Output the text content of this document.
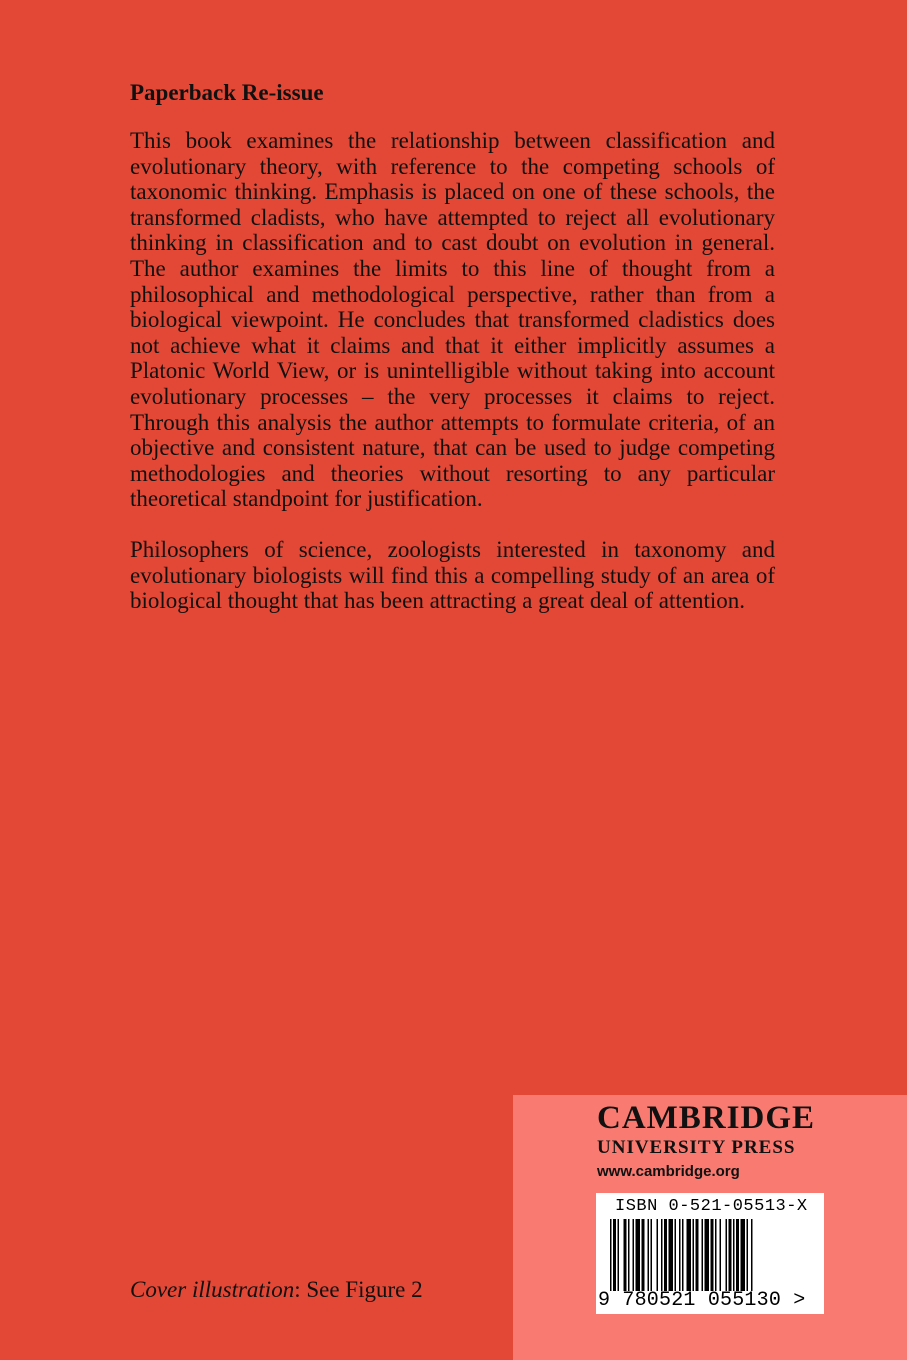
Paperback Re-issue

This book examines the relationship between classification and evolutionary theory, with reference to the competing schools of taxonomic thinking. Emphasis is placed on one of these schools, the transformed cladists, who have attempted to reject all evolutionary thinking in classification and to cast doubt on evolution in general. The author examines the limits to this line of thought from a philosophical and methodological perspective, rather than from a biological viewpoint. He concludes that transformed cladistics does not achieve what it claims and that it either implicitly assumes a Platonic World View, or is unintelligible without taking into account evolutionary processes – the very processes it claims to reject. Through this analysis the author attempts to formulate criteria, of an objective and consistent nature, that can be used to judge competing methodologies and theories without resorting to any particular theoretical standpoint for justification.

Philosophers of science, zoologists interested in taxonomy and evolutionary biologists will find this a compelling study of an area of biological thought that has been attracting a great deal of attention.

Cover illustration: See Figure 2
CAMBRIDGE
UNIVERSITY PRESS
www.cambridge.org
ISBN 0-521-05513-X
9 780521 055130 >
